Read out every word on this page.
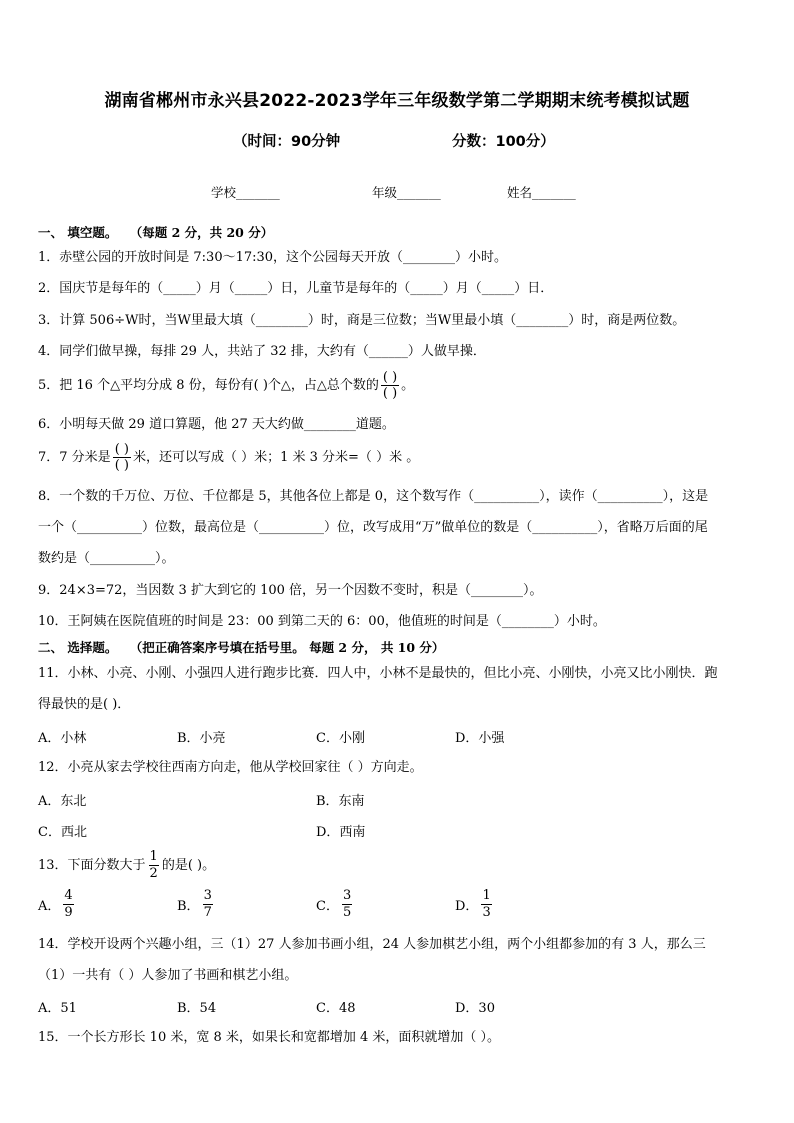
湖南省郴州市永兴县2022-2023学年三年级数学第二学期期末统考模拟试题
（时间：90分钟	分数：100分）
学校_______	年级_______	姓名_______
一、 填空题。 （每题 2 分，共 20 分）
1．赤壁公园的开放时间是 7:30～17:30，这个公园每天开放（________）小时。
2．国庆节是每年的（_____）月（_____）日，儿童节是每年的（_____）月（_____）日．
3．计算 506÷W时，当W里最大填（________）时，商是三位数；当W里最小填（________）时，商是两位数。
4．同学们做早操，每排 29 人，共站了 32 排，大约有（______）人做早操．
5．把 16 个△平均分成 8 份，每份有( )个△，占△总个数的 $\frac{( )}{( )}$ 。
6．小明每天做 29 道口算题，他 27 天大约做________道题。
7．7 分米是 $\frac{( )}{( )}$ 米，还可以写成（ ）米；1 米 3 分米=（ ）米 。
8．一个数的千万位、万位、千位都是 5，其他各位上都是 0，这个数写作（__________），读作（__________），这是
一个（__________）位数，最高位是（__________）位，改写成用“万”做单位的数是（__________），省略万后面的尾
数约是（__________）。
9．24×3=72，当因数 3 扩大到它的 100 倍，另一个因数不变时，积是（________）。
10．王阿姨在医院值班的时间是 23：00 到第二天的 6：00，他值班的时间是（________）小时。
二、 选择题。 （把正确答案序号填在括号里。 每题 2 分， 共 10 分）
11．小林、小亮、小刚、小强四人进行跑步比赛．四人中，小林不是最快的，但比小亮、小刚快，小亮又比小刚快．跑
得最快的是( )．
A．小林	B．小亮	C．小刚	D．小强
12．小亮从家去学校往西南方向走，他从学校回家往（ ）方向走。
A．东北	B．东南
C．西北	D．西南
13．下面分数大于 $\frac{1}{2}$ 的是( )。
A． $\frac{4}{9}$	B． $\frac{3}{7}$	C． $\frac{3}{5}$	D． $\frac{1}{3}$
14．学校开设两个兴趣小组，三（1）27 人参加书画小组，24 人参加棋艺小组，两个小组都参加的有 3 人，那么三
（1）一共有（ ）人参加了书画和棋艺小组。
A．51	B．54	C．48	D．30
15．一个长方形长 10 米，宽 8 米，如果长和宽都增加 4 米，面积就增加（ ）。
